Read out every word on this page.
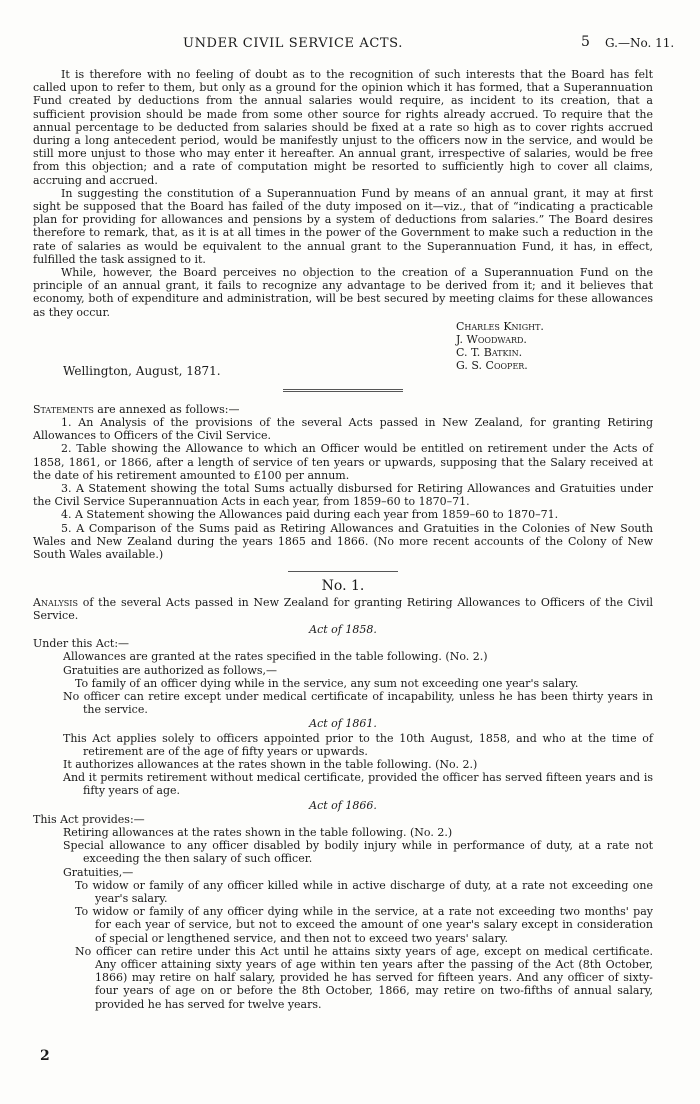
UNDER CIVIL SERVICE ACTS.	5 G.—No. 11.

It is therefore with no feeling of doubt as to the recognition of such interests that the Board has felt called upon to refer to them, but only as a ground for the opinion which it has formed, that a Superannuation Fund created by deductions from the annual salaries would require, as incident to its creation, that a sufficient provision should be made from some other source for rights already accrued. To require that the annual percentage to be deducted from salaries should be fixed at a rate so high as to cover rights accrued during a long antecedent period, would be manifestly unjust to the officers now in the service, and would be still more unjust to those who may enter it hereafter. An annual grant, irrespective of salaries, would be free from this objection; and a rate of computation might be resorted to sufficiently high to cover all claims, accruing and accrued.

In suggesting the constitution of a Superannuation Fund by means of an annual grant, it may at first sight be supposed that the Board has failed of the duty imposed on it—viz., that of “indicating a practicable plan for providing for allowances and pensions by a system of deductions from salaries.” The Board desires therefore to remark, that, as it is at all times in the power of the Government to make such a reduction in the rate of salaries as would be equivalent to the annual grant to the Superannuation Fund, it has, in effect, fulfilled the task assigned to it.

While, however, the Board perceives no objection to the creation of a Superannuation Fund on the principle of an annual grant, it fails to recognize any advantage to be derived from it; and it believes that economy, both of expenditure and administration, will be best secured by meeting claims for these allowances as they occur.

Charles Knight.
J. Woodward.
C. T. Batkin.
G. S. Cooper.
Wellington, August, 1871.

Statements are annexed as follows:—

1. An Analysis of the provisions of the several Acts passed in New Zealand, for granting Retiring Allowances to Officers of the Civil Service.

2. Table showing the Allowance to which an Officer would be entitled on retirement under the Acts of 1858, 1861, or 1866, after a length of service of ten years or upwards, supposing that the Salary received at the date of his retirement amounted to £100 per annum.

3. A Statement showing the total Sums actually disbursed for Retiring Allowances and Gratuities under the Civil Service Superannuation Acts in each year, from 1859–60 to 1870–71.

4. A Statement showing the Allowances paid during each year from 1859–60 to 1870–71.

5. A Comparison of the Sums paid as Retiring Allowances and Gratuities in the Colonies of New South Wales and New Zealand during the years 1865 and 1866. (No more recent accounts of the Colony of New South Wales available.)

No. 1.

Analysis of the several Acts passed in New Zealand for granting Retiring Allowances to Officers of the Civil Service.

Act of 1858.

Under this Act:—

Allowances are granted at the rates specified in the table following. (No. 2.)

Gratuities are authorized as follows,—

To family of an officer dying while in the service, any sum not exceeding one year's salary.

No officer can retire except under medical certificate of incapability, unless he has been thirty years in the service.

Act of 1861.

This Act applies solely to officers appointed prior to the 10th August, 1858, and who at the time of retirement are of the age of fifty years or upwards.

It authorizes allowances at the rates shown in the table following. (No. 2.)

And it permits retirement without medical certificate, provided the officer has served fifteen years and is fifty years of age.

Act of 1866.

This Act provides:—

Retiring allowances at the rates shown in the table following. (No. 2.)

Special allowance to any officer disabled by bodily injury while in performance of duty, at a rate not exceeding the then salary of such officer.

Gratuities,—

To widow or family of any officer killed while in active discharge of duty, at a rate not exceeding one year's salary.

To widow or family of any officer dying while in the service, at a rate not exceeding two months' pay for each year of service, but not to exceed the amount of one year's salary except in consideration of special or lengthened service, and then not to exceed two years' salary.

No officer can retire under this Act until he attains sixty years of age, except on medical certificate. Any officer attaining sixty years of age within ten years after the passing of the Act (8th October, 1866) may retire on half salary, provided he has served for fifteen years. And any officer of sixty-four years of age on or before the 8th October, 1866, may retire on two-fifths of annual salary, provided he has served for twelve years.

2
